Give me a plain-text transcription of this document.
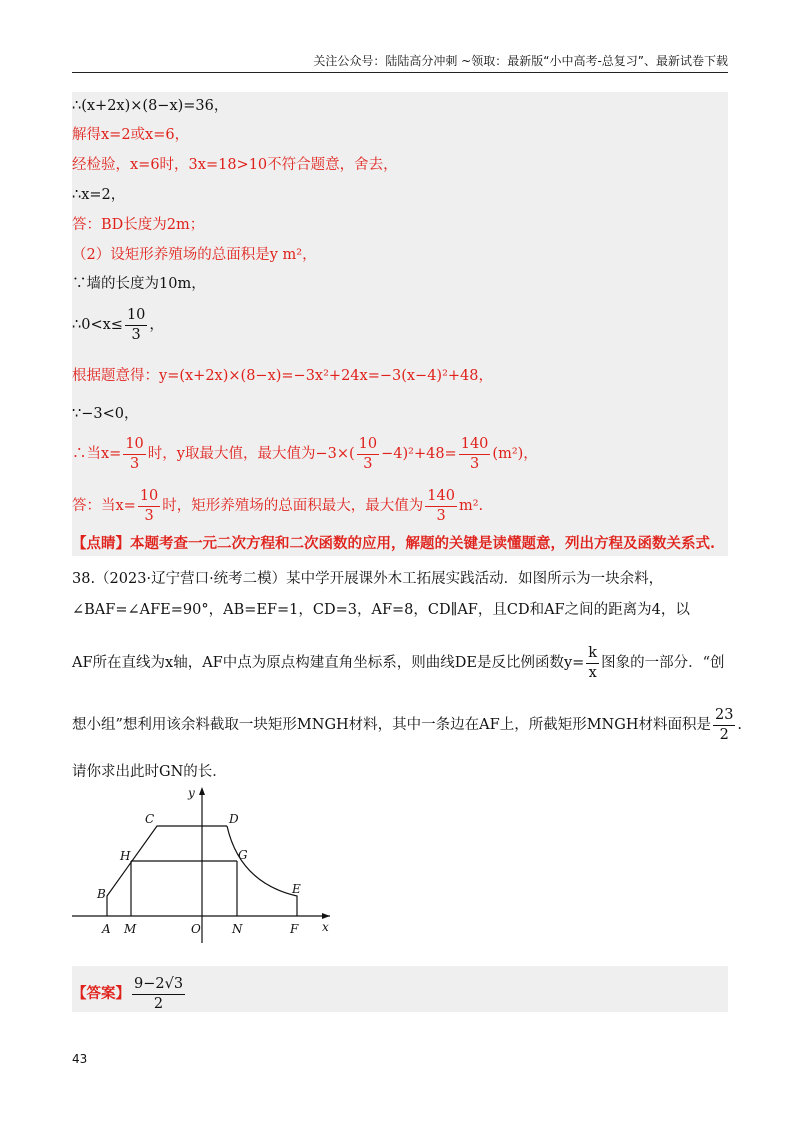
关注公众号：陆陆高分冲刺 ~领取：最新版“小中高考-总复习”、最新试卷下载
∴(x+2x)×(8−x)=36，
解得x=2或x=6，
经检验，x=6时，3x=18>10不符合题意，舍去，
∴x=2，
答：BD长度为2m；
（2）设矩形养殖场的总面积是y m²，
∵墙的长度为10m，
∴0<x≤ $\frac{10}{3}$ ，
根据题意得：y=(x+2x)×(8−x)=−3x²+24x=−3(x−4)²+48，
∵−3<0，
∴当$x= \frac{10}{3}$ 时，y取最大值，最大值为$-3\times( \frac{10}{3} -4)^2+48= \frac{140}{3} (m^2)$，
答：当$x= \frac{10}{3}$ 时，矩形养殖场的总面积最大，最大值为 $\frac{140}{3} m^2$.
【点睛】本题考查一元二次方程和二次函数的应用，解题的关键是读懂题意，列出方程及函数关系式.
38.（2023·辽宁营口·统考二模）某中学开展课外木工拓展实践活动．如图所示为一块余料，
∠BAF=∠AFE=90°，AB=EF=1，CD=3，AF=8，CD∥AF，且CD和AF之间的距离为4，以
AF所在直线为x轴，AF中点为原点构建直角坐标系，则曲线DE是反比例函数$y= \frac{k}{x}$ 图象的一部分．“创
想小组”想利用该余料截取一块矩形MNGH材料，其中一条边在AF上，所截矩形MNGH材料面积是 $\frac{23}{2}$ .
请你求出此时GN的长．
y
x
C	D
H	G
B	E
A M	O	N	F
【答案】 $\frac{9-2√3}{2}$
43
